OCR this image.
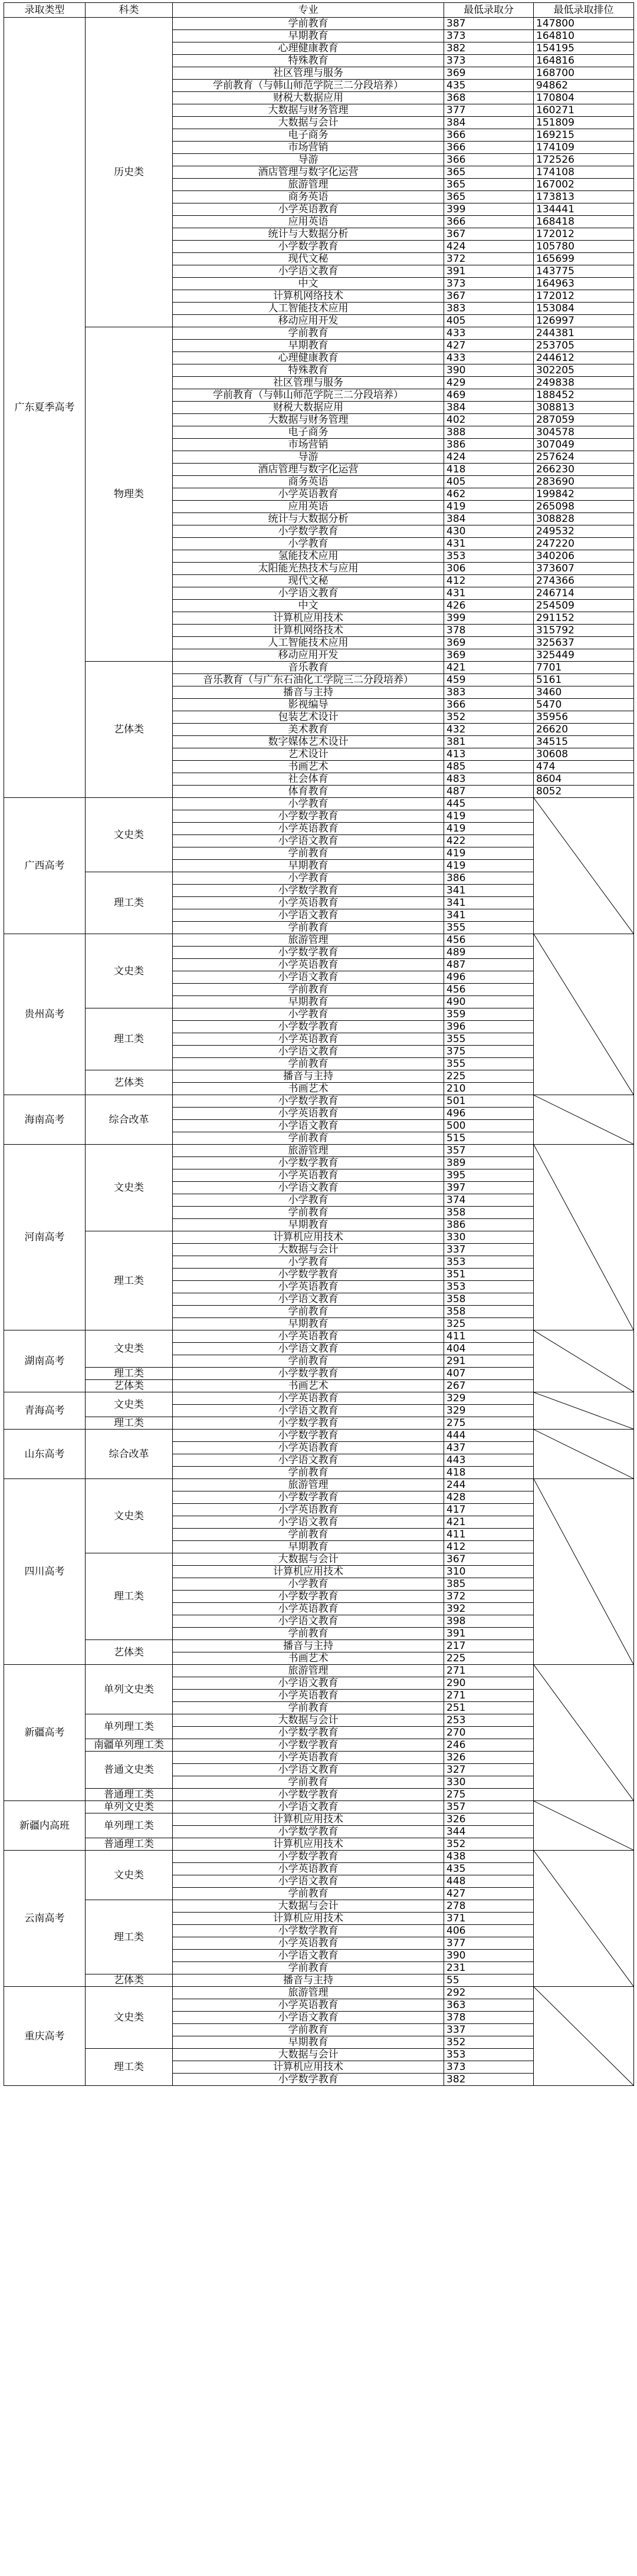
录取类型	科类	专业	最低录取分	最低录取排位
广东夏季高考	历史类	学前教育	387	147800
		早期教育	373	164810
		心理健康教育	382	154195
		特殊教育	373	164816
		社区管理与服务	369	168700
		学前教育（与韩山师范学院三二分段培养）	435	94862
		财税大数据应用	368	170804
		大数据与财务管理	377	160271
		大数据与会计	384	151809
		电子商务	366	169215
		市场营销	366	174109
		导游	366	172526
		酒店管理与数字化运营	365	174108
		旅游管理	365	167002
		商务英语	365	173813
		小学英语教育	399	134441
		应用英语	366	168418
		统计与大数据分析	367	172012
		小学数学教育	424	105780
		现代文秘	372	165699
		小学语文教育	391	143775
		中文	373	164963
		计算机网络技术	367	172012
		人工智能技术应用	383	153084
		移动应用开发	405	126997
	物理类	学前教育	433	244381
		早期教育	427	253705
		心理健康教育	433	244612
		特殊教育	390	302205
		社区管理与服务	429	249838
		学前教育（与韩山师范学院三二分段培养）	469	188452
		财税大数据应用	384	308813
		大数据与财务管理	402	287059
		电子商务	388	304578
		市场营销	386	307049
		导游	424	257624
		酒店管理与数字化运营	418	266230
		商务英语	405	283690
		小学英语教育	462	199842
		应用英语	419	265098
		统计与大数据分析	384	308828
		小学数学教育	430	249532
		小学教育	431	247220
		氢能技术应用	353	340206
		太阳能光热技术与应用	306	373607
		现代文秘	412	274366
		小学语文教育	431	246714
		中文	426	254509
		计算机应用技术	399	291152
		计算机网络技术	378	315792
		人工智能技术应用	369	325637
		移动应用开发	369	325449
	艺体类	音乐教育	421	7701
		音乐教育（与广东石油化工学院三二分段培养）	459	5161
		播音与主持	383	3460
		影视编导	366	5470
		包装艺术设计	352	35956
		美术教育	432	26620
		数字媒体艺术设计	381	34515
		艺术设计	413	30608
		书画艺术	485	474
		社会体育	483	8604
		体育教育	487	8052
广西高考	文史类	小学教育	445	

		小学数学教育	419	
		小学英语教育	419	
		小学语文教育	422	
		学前教育	419	
		早期教育	419	
	理工类	小学教育	386	
		小学数学教育	341	
		小学英语教育	341	
		小学语文教育	341	
		学前教育	355	
贵州高考	文史类	旅游管理	456	

		小学数学教育	489	
		小学英语教育	487	
		小学语文教育	496	
		学前教育	456	
		早期教育	490	
	理工类	小学教育	359	
		小学数学教育	396	
		小学英语教育	355	
		小学语文教育	375	
		学前教育	355	
	艺体类	播音与主持	225	
		书画艺术	210	
海南高考	综合改革	小学数学教育	501	

		小学英语教育	496	
		小学语文教育	500	
		学前教育	515	
河南高考	文史类	旅游管理	357	

		小学数学教育	389	
		小学英语教育	395	
		小学语文教育	397	
		小学教育	374	
		学前教育	358	
		早期教育	386	
	理工类	计算机应用技术	330	
		大数据与会计	337	
		小学教育	353	
		小学数学教育	351	
		小学英语教育	353	
		小学语文教育	358	
		学前教育	358	
		早期教育	325	
湖南高考	文史类	小学英语教育	411	

		小学语文教育	404	
		学前教育	291	
	理工类	小学数学教育	407	
	艺体类	书画艺术	267	
青海高考	文史类	小学英语教育	329	

		小学语文教育	329	
	理工类	小学数学教育	275	
山东高考	综合改革	小学数学教育	444	

		小学英语教育	437	
		小学语文教育	443	
		学前教育	418	
四川高考	文史类	旅游管理	244	

		小学数学教育	428	
		小学英语教育	417	
		小学语文教育	421	
		学前教育	411	
		早期教育	412	
	理工类	大数据与会计	367	
		计算机应用技术	310	
		小学教育	385	
		小学数学教育	372	
		小学英语教育	392	
		小学语文教育	398	
		学前教育	391	
	艺体类	播音与主持	217	
		书画艺术	225	
新疆高考	单列文史类	旅游管理	271	

		小学语文教育	290	
		小学英语教育	271	
		学前教育	251	
	单列理工类	大数据与会计	253	
		小学数学教育	270	
	南疆单列理工类	小学数学教育	246	
	普通文史类	小学英语教育	326	
		小学语文教育	327	
		学前教育	330	
	普通理工类	小学数学教育	275	
新疆内高班	单列文史类	小学语文教育	357	

	单列理工类	计算机应用技术	326	
		小学数学教育	344	
	普通理工类	计算机应用技术	352	
云南高考	文史类	小学数学教育	438	

		小学英语教育	435	
		小学语文教育	448	
		学前教育	427	
	理工类	大数据与会计	278	
		计算机应用技术	371	
		小学数学教育	406	
		小学英语教育	377	
		小学语文教育	390	
		学前教育	231	
	艺体类	播音与主持	55	
重庆高考	文史类	旅游管理	292	

		小学英语教育	363	
		小学语文教育	378	
		学前教育	337	
		早期教育	352	
	理工类	大数据与会计	353	
		计算机应用技术	373	
		小学数学教育	382	
